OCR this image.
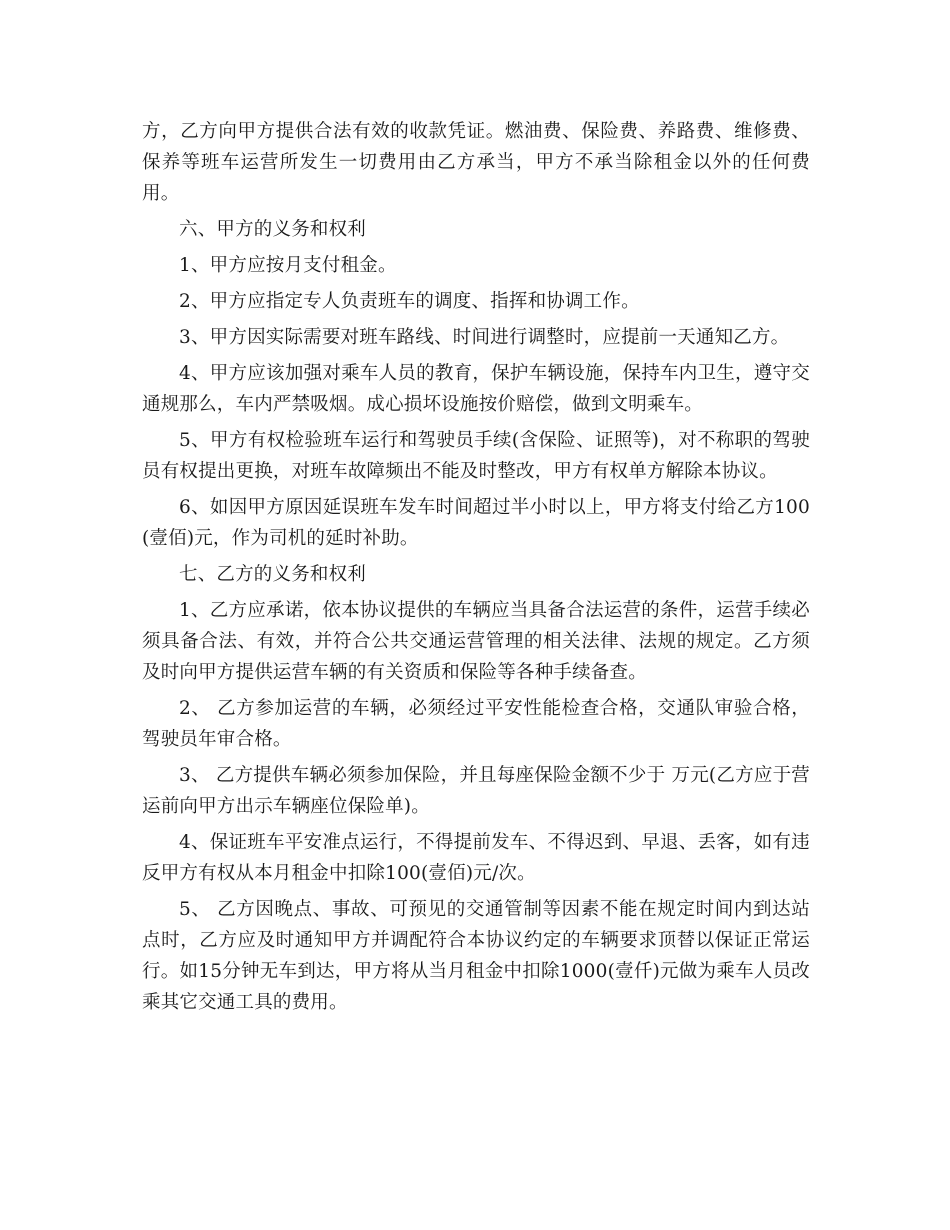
方，乙方向甲方提供合法有效的收款凭证。燃油费、保险费、养路费、维修费、保养等班车运营所发生一切费用由乙方承当，甲方不承当除租金以外的任何费用。

六、甲方的义务和权利

1、甲方应按月支付租金。

2、甲方应指定专人负责班车的调度、指挥和协调工作。

3、甲方因实际需要对班车路线、时间进行调整时，应提前一天通知乙方。

4、甲方应该加强对乘车人员的教育，保护车辆设施，保持车内卫生，遵守交通规那么，车内严禁吸烟。成心损坏设施按价赔偿，做到文明乘车。

5、甲方有权检验班车运行和驾驶员手续(含保险、证照等)，对不称职的驾驶员有权提出更换，对班车故障频出不能及时整改，甲方有权单方解除本协议。

6、如因甲方原因延误班车发车时间超过半小时以上，甲方将支付给乙方100(壹佰)元，作为司机的延时补助。

七、乙方的义务和权利

1、乙方应承诺，依本协议提供的车辆应当具备合法运营的条件，运营手续必须具备合法、有效，并符合公共交通运营管理的相关法律、法规的规定。乙方须及时向甲方提供运营车辆的有关资质和保险等各种手续备查。

2、 乙方参加运营的车辆，必须经过平安性能检查合格，交通队审验合格，驾驶员年审合格。

3、 乙方提供车辆必须参加保险，并且每座保险金额不少于 万元(乙方应于营运前向甲方出示车辆座位保险单)。

4、保证班车平安准点运行，不得提前发车、不得迟到、早退、丢客，如有违反甲方有权从本月租金中扣除100(壹佰)元/次。

5、 乙方因晚点、事故、可预见的交通管制等因素不能在规定时间内到达站点时，乙方应及时通知甲方并调配符合本协议约定的车辆要求顶替以保证正常运行。如15分钟无车到达，甲方将从当月租金中扣除1000(壹仟)元做为乘车人员改乘其它交通工具的费用。
